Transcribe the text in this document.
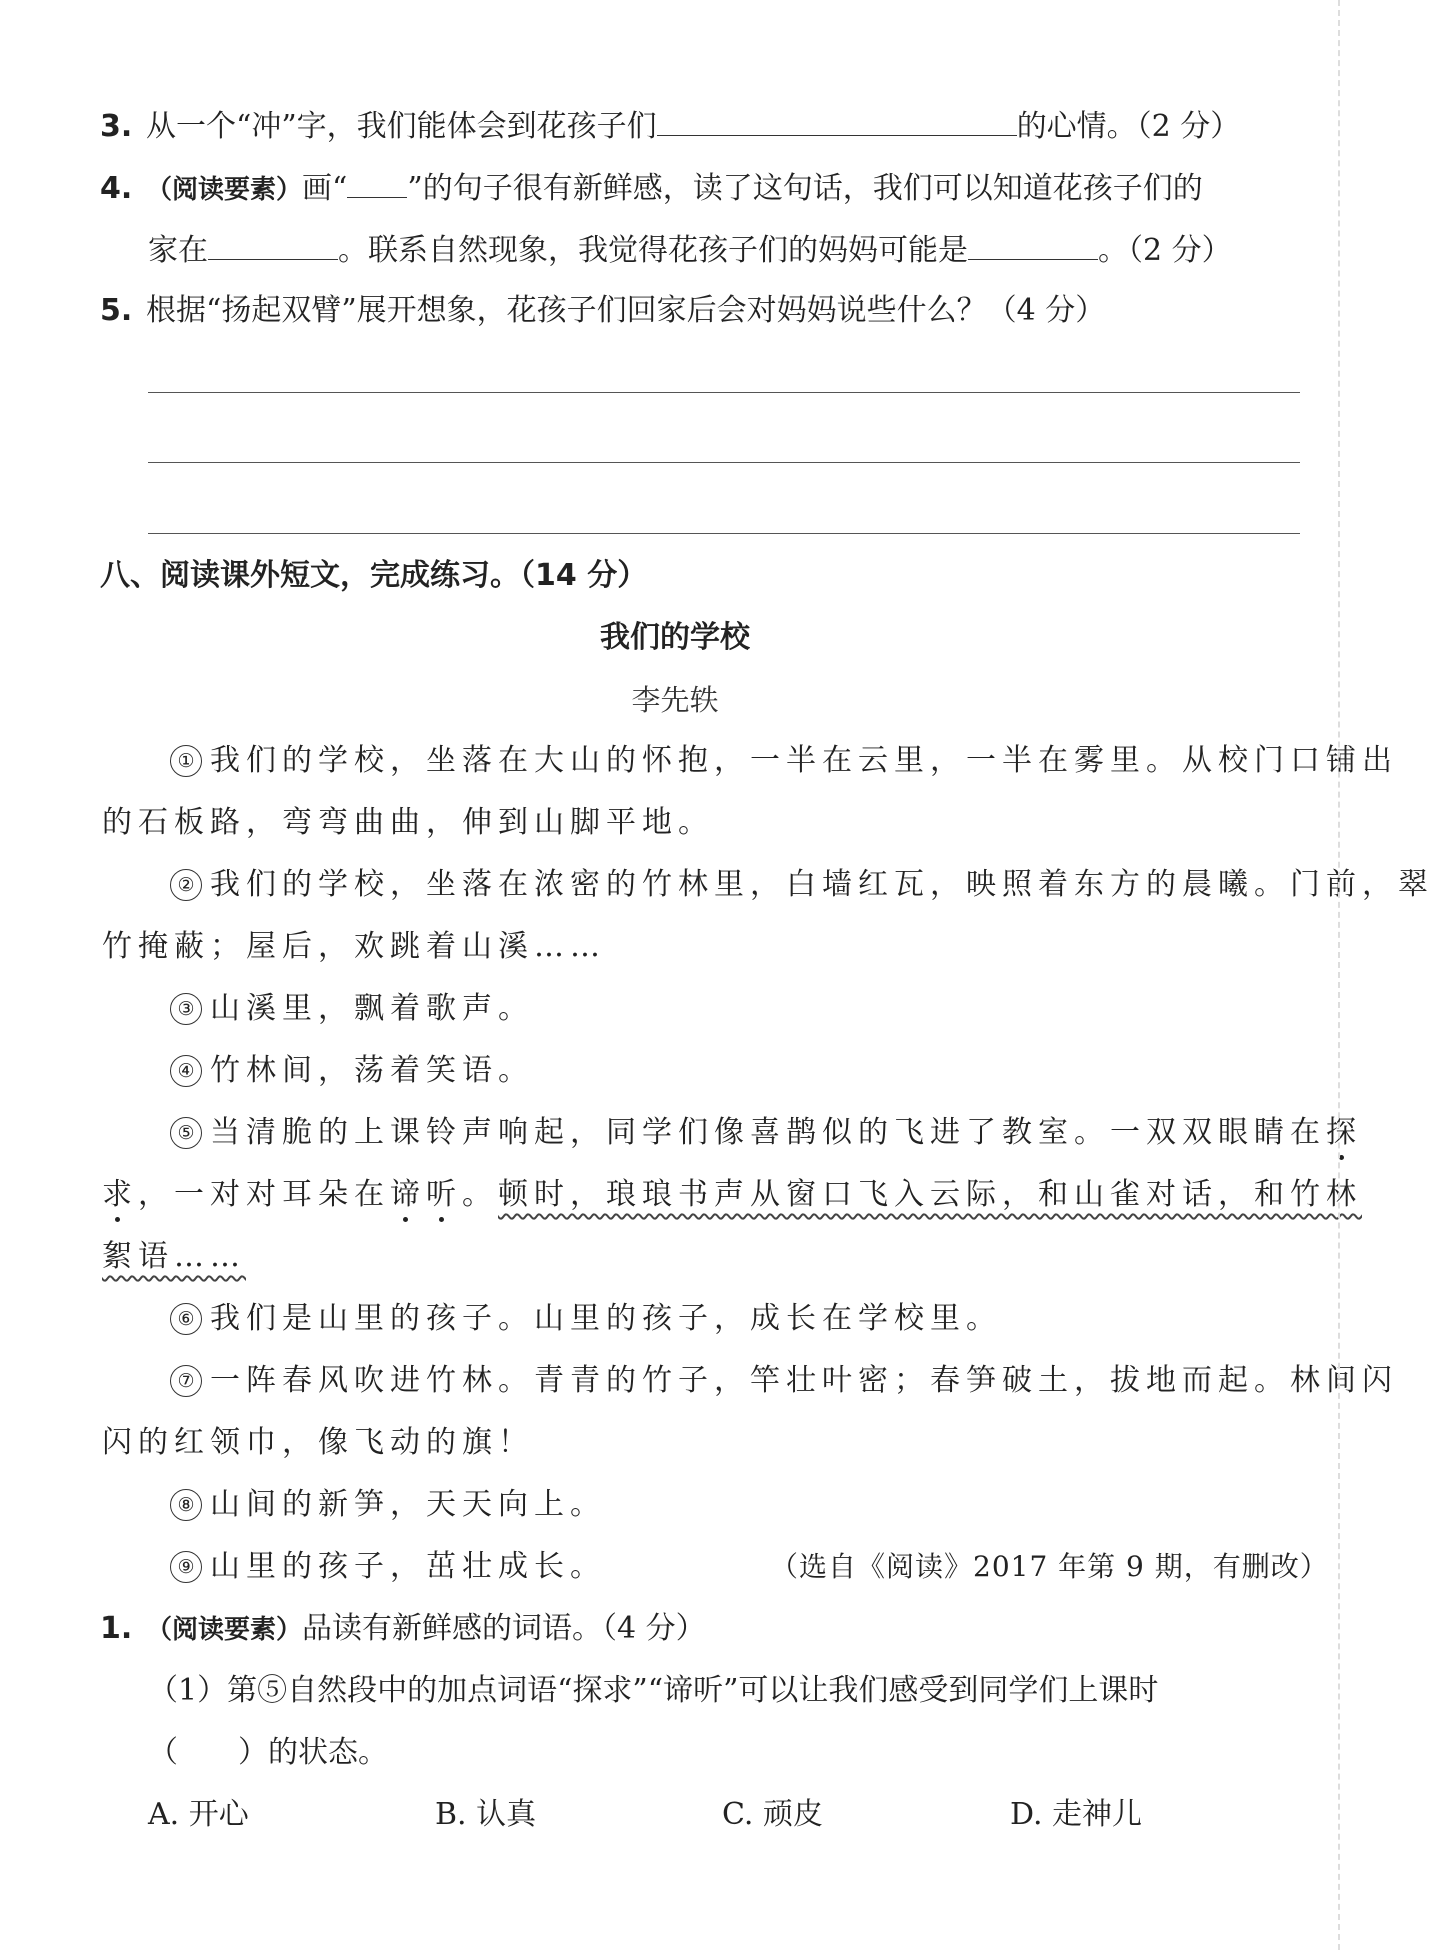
3. 从一个“冲”字，我们能体会到花孩子们	的心情。（2 分）
4. （阅读要素）画“ ”的句子很有新鲜感，读了这句话，我们可以知道花孩子们的
家在	。联系自然现象，我觉得花孩子们的妈妈可能是	。（2 分）
5. 根据“扬起双臂”展开想象，花孩子们回家后会对妈妈说些什么？（4 分）
八、阅读课外短文，完成练习。（14 分）
我们的学校
李先轶
① 我们的学校，坐落在大山的怀抱，一半在云里，一半在雾里。从校门口铺出
的石板路，弯弯曲曲，伸到山脚平地。
② 我们的学校，坐落在浓密的竹林里，白墙红瓦，映照着东方的晨曦。门前，翠
竹掩蔽；屋后，欢跳着山溪……
③ 山溪里，飘着歌声。
④ 竹林间，荡着笑语。
⑤ 当清脆的上课铃声响起，同学们像喜鹊似的飞进了教室。一双双眼睛在探
求，一对对耳朵在谛听。顿时，琅琅书声从窗口飞入云际，和山雀对话，和竹林
絮语……
⑥ 我们是山里的孩子。山里的孩子，成长在学校里。
⑦ 一阵春风吹进竹林。青青的竹子，竿壮叶密；春笋破土，拔地而起。林间闪
闪的红领巾，像飞动的旗！
⑧ 山间的新笋，天天向上。
⑨ 山里的孩子，茁壮成长。	（选自《阅读》2017 年第 9 期，有删改）
1. （阅读要素）品读有新鲜感的词语。（4 分）
（1）第⑤自然段中的加点词语“探求”“谛听”可以让我们感受到同学们上课时
（　　）的状态。
A. 开心	B. 认真	C. 顽皮	D. 走神儿
